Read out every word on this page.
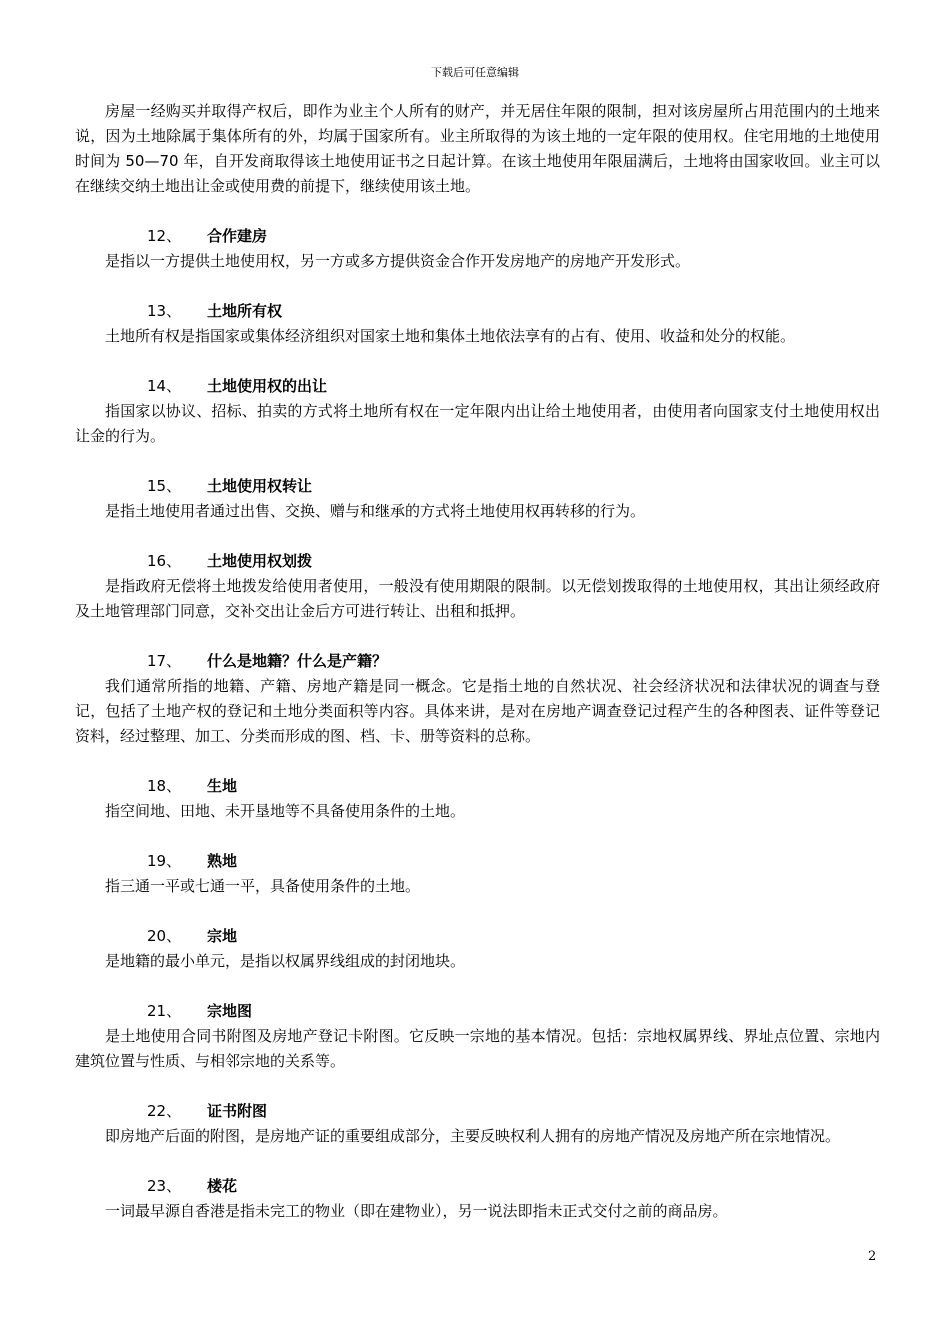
下载后可任意编辑

房屋一经购买并取得产权后，即作为业主个人所有的财产，并无居住年限的限制，担对该房屋所占用范围内的土地来说，因为土地除属于集体所有的外，均属于国家所有。业主所取得的为该土地的一定年限的使用权。住宅用地的土地使用时间为 50—70 年，自开发商取得该土地使用证书之日起计算。在该土地使用年限届满后，土地将由国家收回。业主可以在继续交纳土地出让金或使用费的前提下，继续使用该土地。

12、 合作建房

是指以一方提供土地使用权，另一方或多方提供资金合作开发房地产的房地产开发形式。

13、 土地所有权

土地所有权是指国家或集体经济组织对国家土地和集体土地依法享有的占有、使用、收益和处分的权能。

14、 土地使用权的出让

指国家以协议、招标、拍卖的方式将土地所有权在一定年限内出让给土地使用者，由使用者向国家支付土地使用权出让金的行为。

15、 土地使用权转让

是指土地使用者通过出售、交换、赠与和继承的方式将土地使用权再转移的行为。

16、 土地使用权划拨

是指政府无偿将土地拨发给使用者使用，一般没有使用期限的限制。以无偿划拨取得的土地使用权，其出让须经政府及土地管理部门同意，交补交出让金后方可进行转让、出租和抵押。

17、 什么是地籍？什么是产籍？

我们通常所指的地籍、产籍、房地产籍是同一概念。它是指土地的自然状况、社会经济状况和法律状况的调查与登记，包括了土地产权的登记和土地分类面积等内容。具体来讲，是对在房地产调查登记过程产生的各种图表、证件等登记资料，经过整理、加工、分类而形成的图、档、卡、册等资料的总称。

18、 生地

指空间地、田地、未开垦地等不具备使用条件的土地。

19、 熟地

指三通一平或七通一平，具备使用条件的土地。

20、 宗地

是地籍的最小单元，是指以权属界线组成的封闭地块。

21、 宗地图

是土地使用合同书附图及房地产登记卡附图。它反映一宗地的基本情况。包括：宗地权属界线、界址点位置、宗地内建筑位置与性质、与相邻宗地的关系等。

22、 证书附图

即房地产后面的附图，是房地产证的重要组成部分，主要反映权利人拥有的房地产情况及房地产所在宗地情况。

23、 楼花

一词最早源自香港是指未完工的物业（即在建物业），另一说法即指未正式交付之前的商品房。

2
